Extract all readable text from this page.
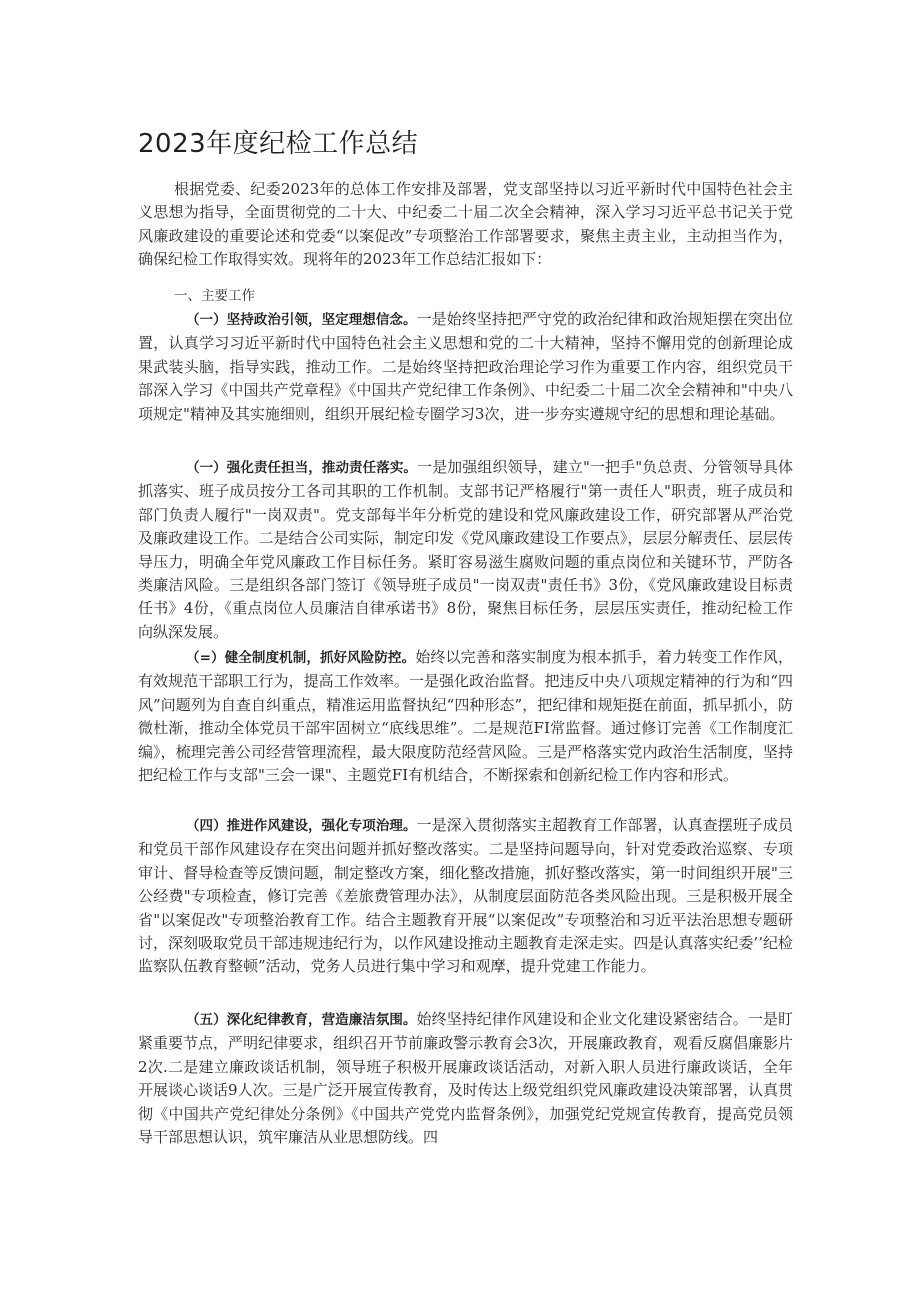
2023年度纪检工作总结

根据党委、纪委2023年的总体工作安排及部署，党支部坚持以习近平新时代中国特色社会主义思想为指导，全面贯彻党的二十大、中纪委二十届二次全会精神，深入学习习近平总书记关于党风廉政建设的重要论述和党委“以案促改”专项整治工作部署要求，聚焦主责主业，主动担当作为，确保纪检工作取得实效。现将年的2023年工作总结汇报如下：

一、主要工作

（一）坚持政治引领，坚定理想信念。一是始终坚持把严守党的政治纪律和政治规矩摆在突出位置，认真学习习近平新时代中国特色社会主义思想和党的二十大精神，坚持不懈用党的创新理论成果武装头脑，指导实践，推动工作。二是始终坚持把政治理论学习作为重要工作内容，组织党员干部深入学习《中国共产党章程》《中国共产党纪律工作条例》、中纪委二十届二次全会精神和"中央八项规定"精神及其实施细则，组织开展纪检专圈学习3次，进一步夯实遵规守纪的思想和理论基础。

（一）强化责任担当，推动责任落实。一是加强组织领导，建立"一把手"负总责、分管领导具体抓落实、班子成员按分工各司其职的工作机制。支部书记严格履行"第一责任人"职责，班子成员和部门负责人履行"一岗双责"。党支部每半年分析党的建设和党风廉政建设工作，研究部署从严治党及廉政建设工作。二是结合公司实际，制定印发《党风廉政建设工作要点》，层层分解责任、层层传导压力，明确全年党风廉政工作目标任务。紧盯容易滋生腐败问题的重点岗位和关键环节，严防各类廉洁风险。三是组织各部门签订《领导班子成员"一岗双责"责任书》3份，《党风廉政建设目标责任书》4份，《重点岗位人员廉洁自律承诺书》8份，聚焦目标任务，层层压实责任，推动纪检工作向纵深发展。

（=）健全制度机制，抓好风险防控。始终以完善和落实制度为根本抓手，着力转变工作作风，有效规范干部职工行为，提高工作效率。一是强化政治监督。把违反中央八项规定精神的行为和“四风”问题列为自查自纠重点，精准运用监督执纪“四种形态”，把纪律和规矩挺在前面，抓早抓小，防微杜渐，推动全体党员干部牢固树立“底线思维”。二是规范FI常监督。通过修订完善《工作制度汇编》，梳理完善公司经营管理流程，最大限度防范经营风险。三是严格落实党内政治生活制度，坚持把纪检工作与支部"三会一课"、主题党FI有机结合，不断探索和创新纪检工作内容和形式。

（四）推进作风建设，强化专项治理。一是深入贯彻落实主超教育工作部署，认真查摆班子成员和党员干部作风建设存在突出问题并抓好整改落实。二是坚持问题导向，针对党委政治巡察、专项审计、督导检查等反馈问题，制定整改方案，细化整改措施，抓好整改落实，第一时间组织开展"三公经费"专项检查，修订完善《差旅费管理办法》，从制度层面防范各类风险出现。三是积极开展全省"以案促改"专项整治教育工作。结合主题教育开展“以案促改”专项整治和习近平法治思想专题研讨，深刻吸取党员干部违规违纪行为，以作风建设推动主题教育走深走实。四是认真落实纪委’’纪检监察队伍教育整顿”活动，党务人员进行集中学习和观摩，提升党建工作能力。

（五）深化纪律教育，营造廉洁氛围。始终坚持纪律作风建设和企业文化建设紧密结合。一是盯紧重要节点，严明纪律要求，组织召开节前廉政警示教育会3次，开展廉政教育，观看反腐倡廉影片2次.二是建立廉政谈话机制，领导班子积极开展廉政谈话活动，对新入职人员进行廉政谈话，全年开展谈心谈话9人次。三是广泛开展宣传教育，及时传达上级党组织党风廉政建设决策部署，认真贯彻《中国共产党纪律处分条例》《中国共产党党内监督条例》，加强党纪党规宣传教育，提高党员领导干部思想认识，筑牢廉洁从业思想防线。四
